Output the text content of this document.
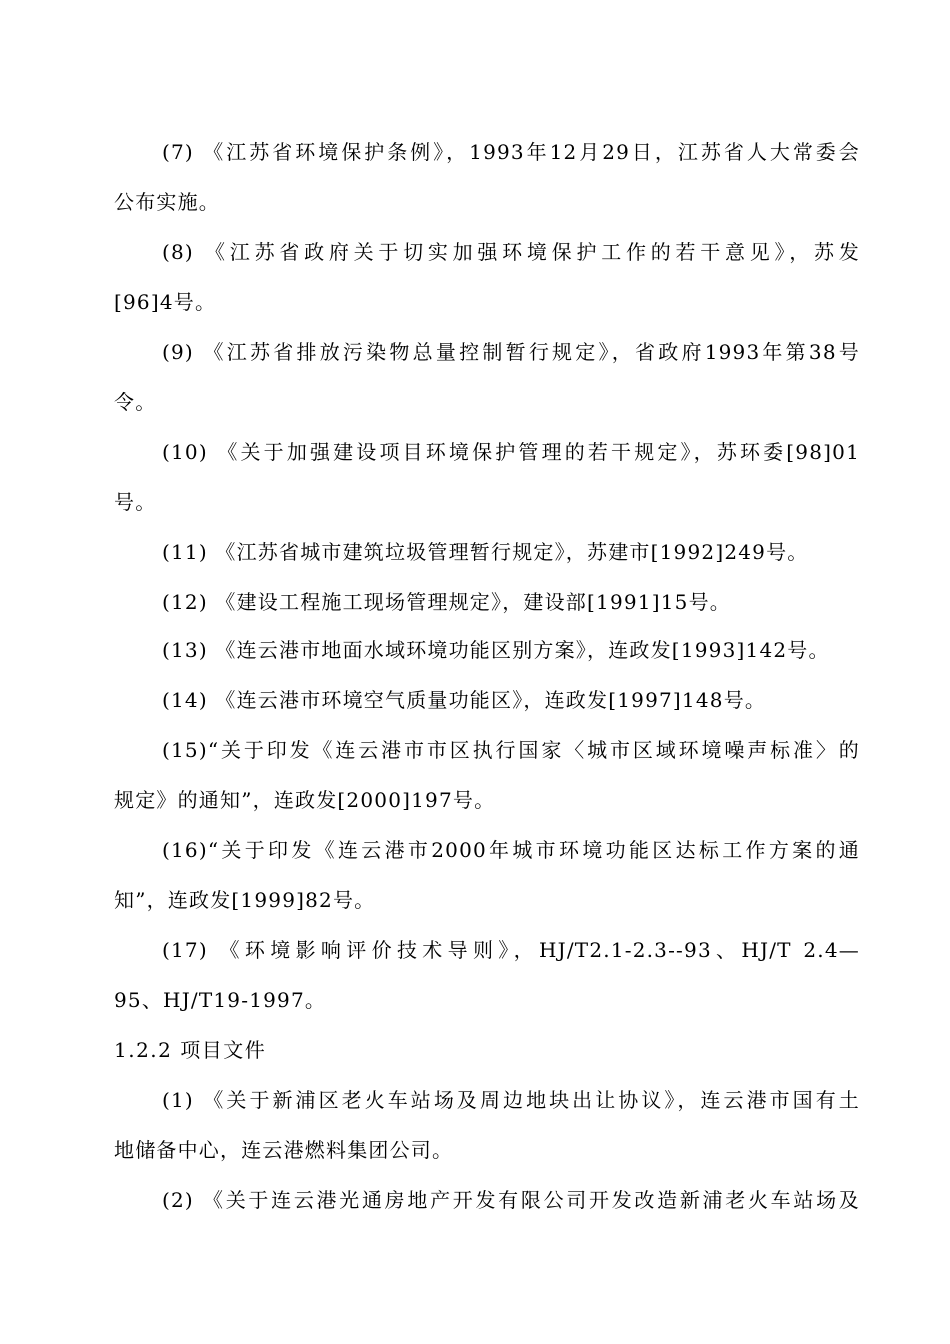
(7) 《江苏省环境保护条例》，1993年12月29日，江苏省人大常委会
公布实施。
(8) 《江苏省政府关于切实加强环境保护工作的若干意见》，苏发
[96]4号。
(9) 《江苏省排放污染物总量控制暂行规定》，省政府1993年第38号
令。
(10) 《关于加强建设项目环境保护管理的若干规定》，苏环委[98]01
号。
(11) 《江苏省城市建筑垃圾管理暂行规定》，苏建市[1992]249号。
(12) 《建设工程施工现场管理规定》，建设部[1991]15号。
(13) 《连云港市地面水域环境功能区别方案》，连政发[1993]142号。
(14) 《连云港市环境空气质量功能区》，连政发[1997]148号。
(15)“关于印发《连云港市市区执行国家〈城市区域环境噪声标准〉的
规定》的通知”，连政发[2000]197号。
(16)“关于印发《连云港市2000年城市环境功能区达标工作方案的通
知”，连政发[1999]82号。
(17) 《环境影响评价技术导则》，HJ/T2.1-2.3--93、HJ/T 2.4—
95、HJ/T19-1997。
1.2.2 项目文件
(1) 《关于新浦区老火车站场及周边地块出让协议》，连云港市国有土
地储备中心，连云港燃料集团公司。
(2) 《关于连云港光通房地产开发有限公司开发改造新浦老火车站场及
